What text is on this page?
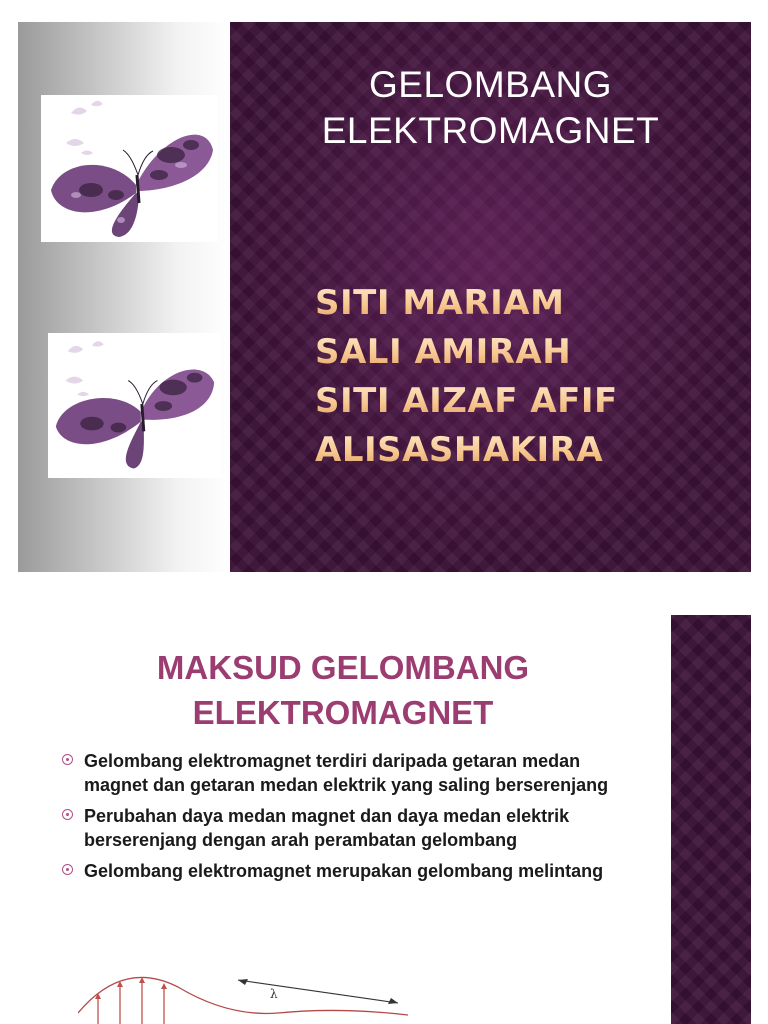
GELOMBANG
ELEKTROMAGNET
SITI MARIAM
SALI AMIRAH
SITI AIZAF AFIF
ALISASHAKIRA
MAKSUD GELOMBANG
ELEKTROMAGNET
Gelombang elektromagnet terdiri daripada getaran medan magnet dan getaran medan elektrik yang saling berserenjang
Perubahan daya medan magnet dan daya medan elektrik berserenjang dengan arah perambatan gelombang
Gelombang elektromagnet merupakan gelombang melintang
λ
